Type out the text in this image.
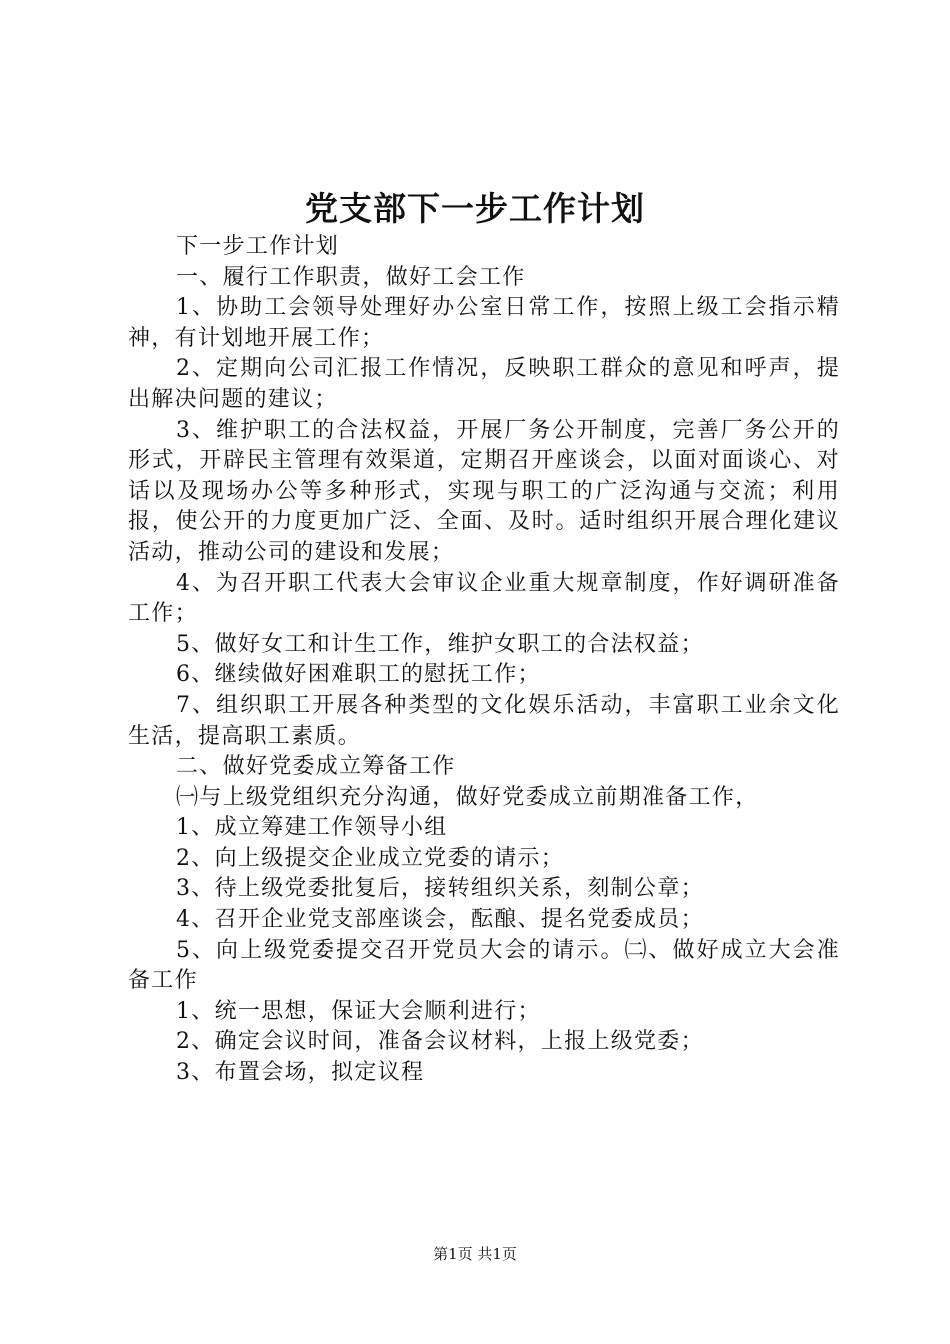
党支部下一步工作计划

下一步工作计划

一、履行工作职责，做好工会工作

1、协助工会领导处理好办公室日常工作，按照上级工会指示精神，有计划地开展工作；

2、定期向公司汇报工作情况，反映职工群众的意见和呼声，提出解决问题的建议；

3、维护职工的合法权益，开展厂务公开制度，完善厂务公开的形式，开辟民主管理有效渠道，定期召开座谈会，以面对面谈心、对话以及现场办公等多种形式，实现与职工的广泛沟通与交流；利用报，使公开的力度更加广泛、全面、及时。适时组织开展合理化建议活动，推动公司的建设和发展；

4、为召开职工代表大会审议企业重大规章制度，作好调研准备工作；

5、做好女工和计生工作，维护女职工的合法权益；

6、继续做好困难职工的慰抚工作；

7、组织职工开展各种类型的文化娱乐活动，丰富职工业余文化生活，提高职工素质。

二、做好党委成立筹备工作

㈠与上级党组织充分沟通，做好党委成立前期准备工作，

1、成立筹建工作领导小组

2、向上级提交企业成立党委的请示；

3、待上级党委批复后，接转组织关系，刻制公章；

4、召开企业党支部座谈会，酝酿、提名党委成员；

5、向上级党委提交召开党员大会的请示。㈡、做好成立大会准备工作

1、统一思想，保证大会顺利进行；

2、确定会议时间，准备会议材料，上报上级党委；

3、布置会场，拟定议程

第1页 共1页
